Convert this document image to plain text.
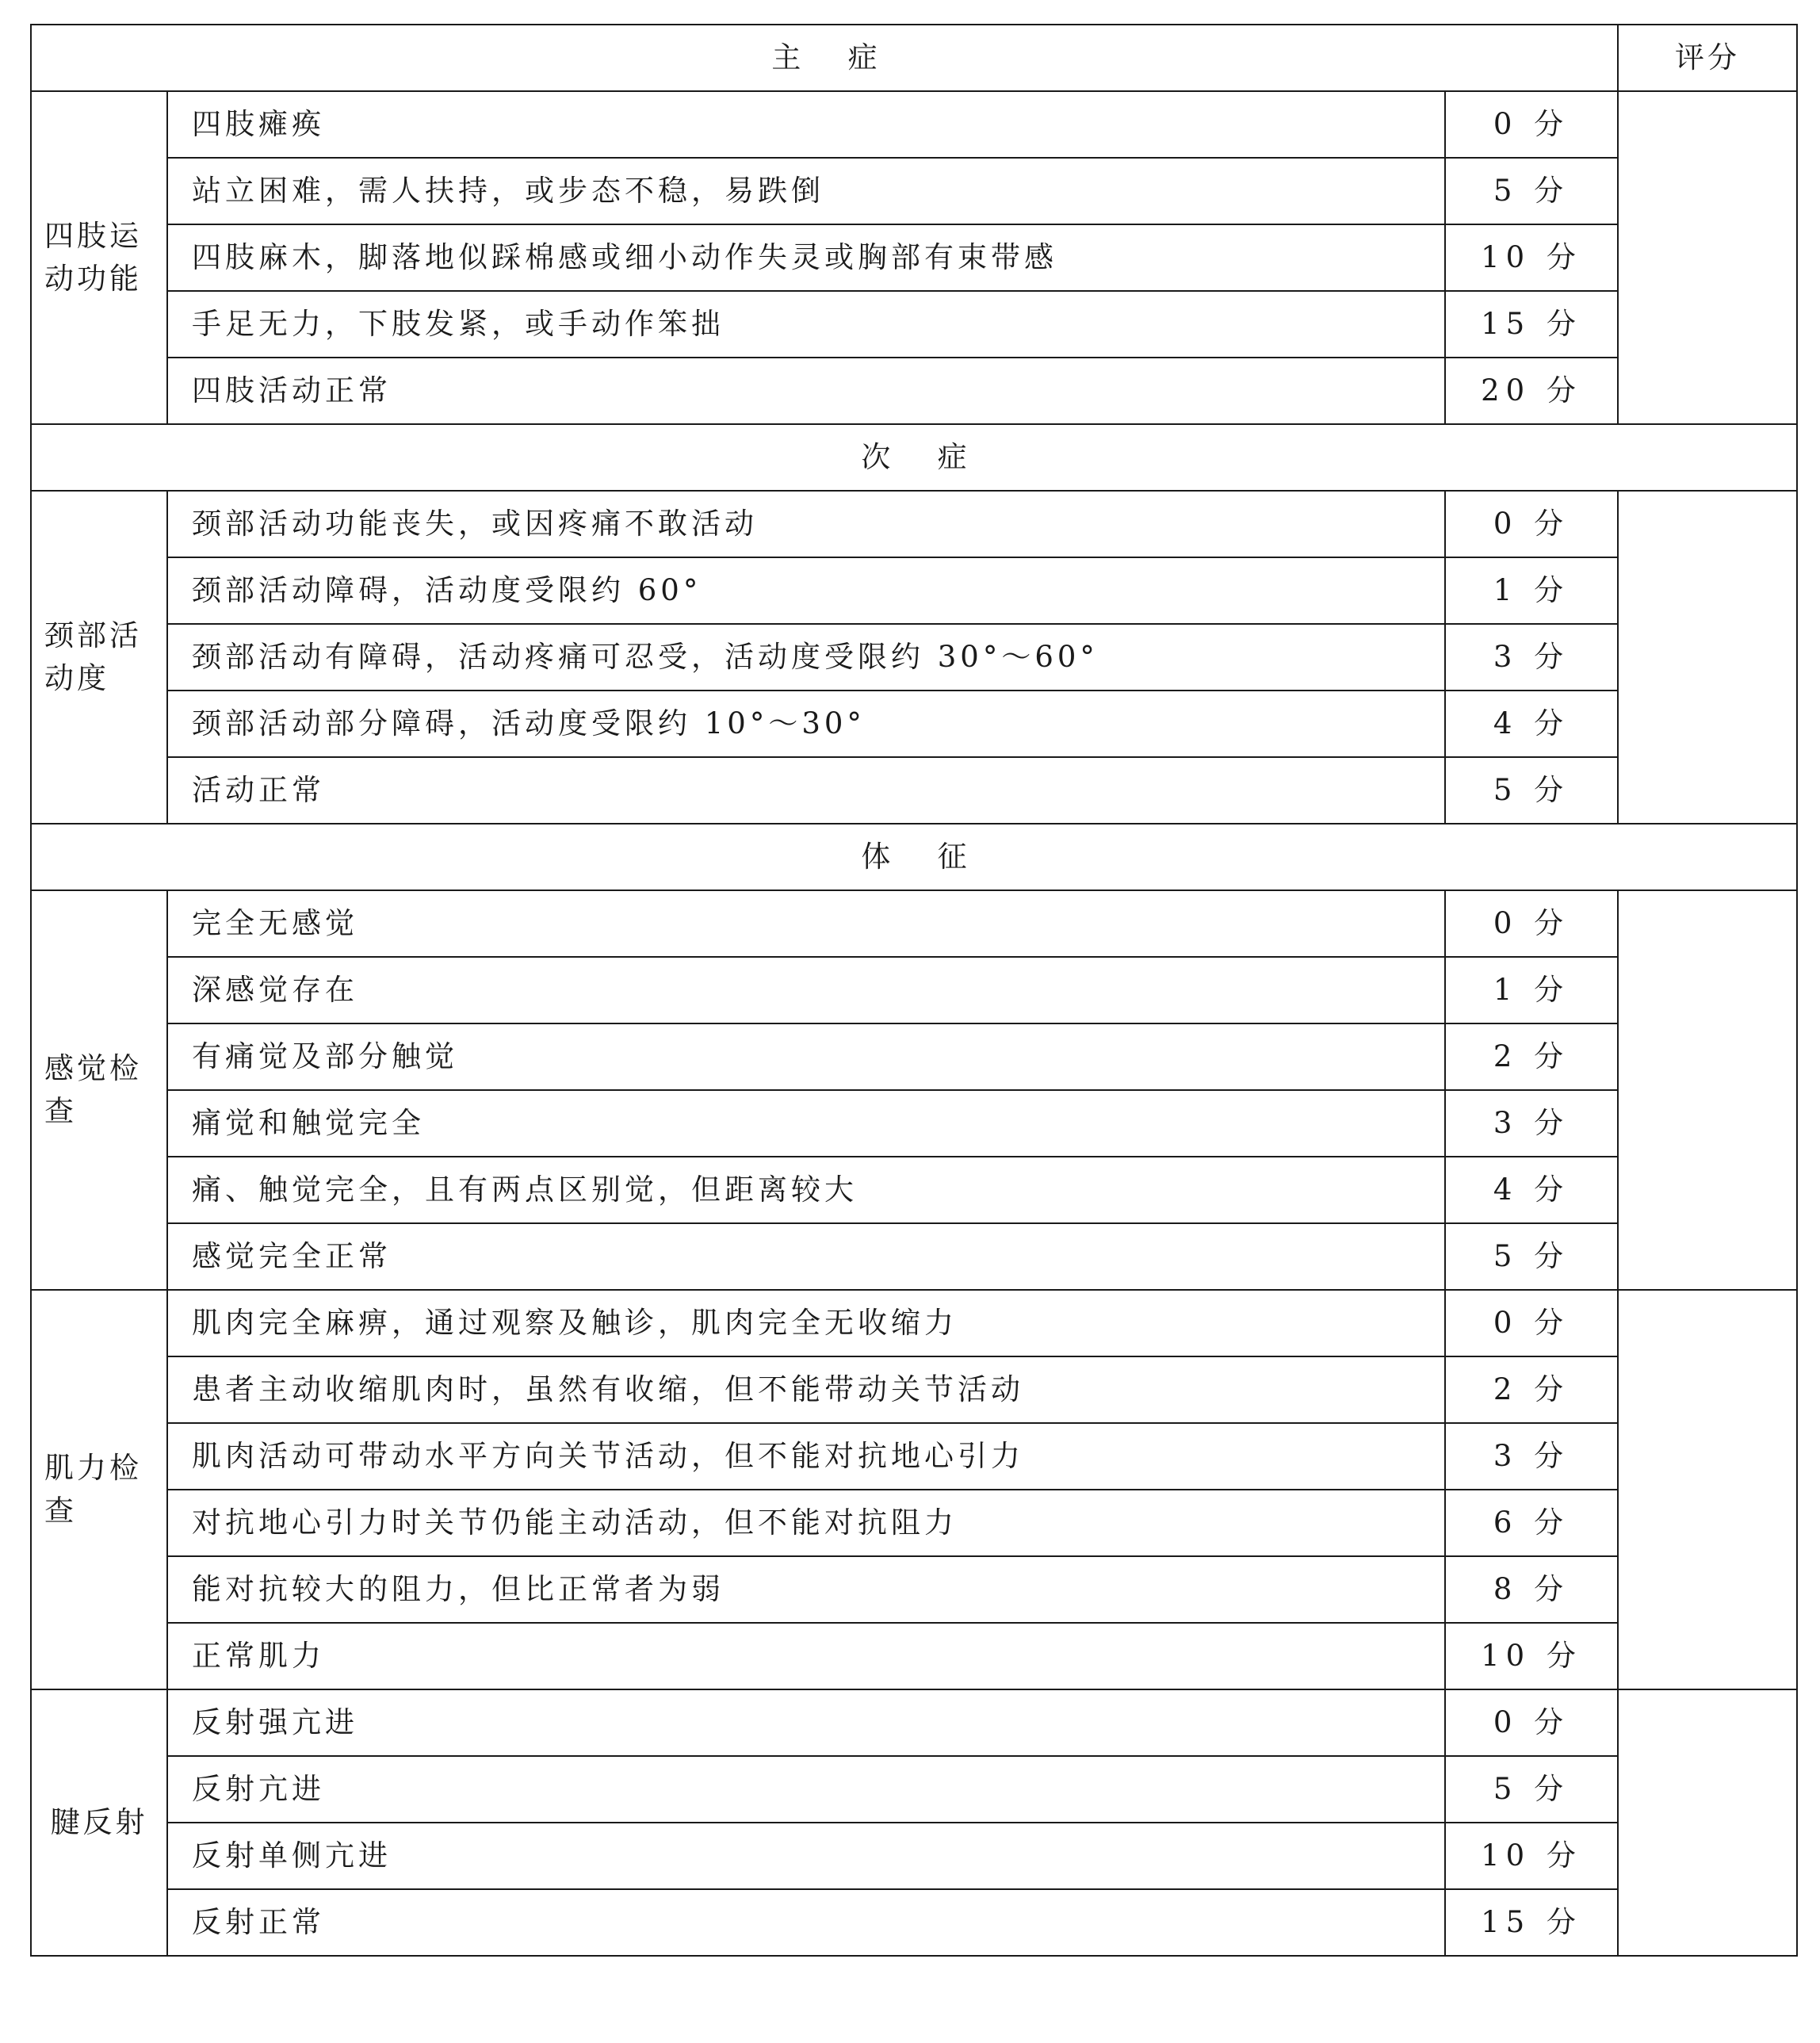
主症			评分
四肢运动功能	四肢瘫痪	0 分	
	站立困难，需人扶持，或步态不稳，易跌倒	5 分	
	四肢麻木，脚落地似踩棉感或细小动作失灵或胸部有束带感	10 分	
	手足无力，下肢发紧，或手动作笨拙	15 分	
	四肢活动正常	20 分	
次症			
颈部活动度	颈部活动功能丧失，或因疼痛不敢活动	0 分	
	颈部活动障碍，活动度受限约 60°	1 分	
	颈部活动有障碍，活动疼痛可忍受，活动度受限约 30°～60°	3 分	
	颈部活动部分障碍，活动度受限约 10°～30°	4 分	
	活动正常	5 分	
体征			
感觉检查	完全无感觉	0 分	
	深感觉存在	1 分	
	有痛觉及部分触觉	2 分	
	痛觉和触觉完全	3 分	
	痛、触觉完全，且有两点区别觉，但距离较大	4 分	
	感觉完全正常	5 分	
肌力检查	肌肉完全麻痹，通过观察及触诊，肌肉完全无收缩力	0 分	
	患者主动收缩肌肉时，虽然有收缩，但不能带动关节活动	2 分	
	肌肉活动可带动水平方向关节活动，但不能对抗地心引力	3 分	
	对抗地心引力时关节仍能主动活动，但不能对抗阻力	6 分	
	能对抗较大的阻力，但比正常者为弱	8 分	
	正常肌力	10 分	
腱反射	反射强亢进	0 分	
	反射亢进	5 分	
	反射单侧亢进	10 分	
	反射正常	15 分	
